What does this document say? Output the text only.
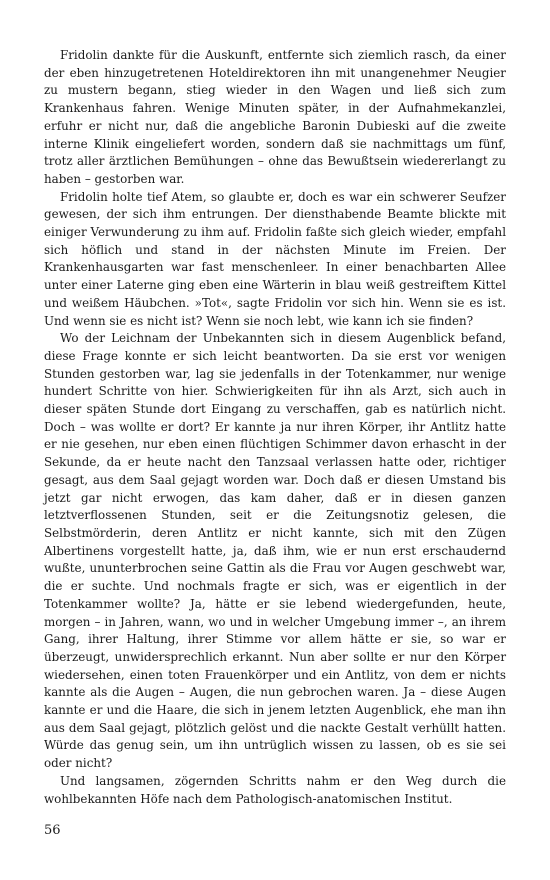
Fridolin dankte für die Auskunft, entfernte sich ziemlich rasch, da einer der eben hinzugetretenen Hoteldirektoren ihn mit unangenehmer Neugier zu mustern begann, stieg wieder in den Wagen und ließ sich zum Krankenhaus fahren. Wenige Minuten später, in der Aufnahmekanzlei, erfuhr er nicht nur, daß die angebliche Baronin Dubieski auf die zweite interne Klinik eingeliefert worden, sondern daß sie nachmittags um fünf, trotz aller ärztlichen Bemühungen – ohne das Bewußtsein wiedererlangt zu haben – gestorben war.

Fridolin holte tief Atem, so glaubte er, doch es war ein schwerer Seufzer gewesen, der sich ihm entrungen. Der diensthabende Beamte blickte mit einiger Verwunderung zu ihm auf. Fridolin faßte sich gleich wieder, empfahl sich höflich und stand in der nächsten Minute im Freien. Der Krankenhausgarten war fast menschenleer. In einer benachbarten Allee unter einer Laterne ging eben eine Wärterin in blau weiß gestreiftem Kittel und weißem Häubchen. »Tot«, sagte Fridolin vor sich hin. Wenn sie es ist. Und wenn sie es nicht ist? Wenn sie noch lebt, wie kann ich sie finden?

Wo der Leichnam der Unbekannten sich in diesem Augenblick befand, diese Frage konnte er sich leicht beantworten. Da sie erst vor wenigen Stunden gestorben war, lag sie jedenfalls in der Totenkammer, nur wenige hundert Schritte von hier. Schwierigkeiten für ihn als Arzt, sich auch in dieser späten Stunde dort Eingang zu verschaffen, gab es natürlich nicht. Doch – was wollte er dort? Er kannte ja nur ihren Körper, ihr Antlitz hatte er nie gesehen, nur eben einen flüchtigen Schimmer davon erhascht in der Sekunde, da er heute nacht den Tanzsaal verlassen hatte oder, richtiger gesagt, aus dem Saal gejagt worden war. Doch daß er diesen Umstand bis jetzt gar nicht erwogen, das kam daher, daß er in diesen ganzen letztverflossenen Stunden, seit er die Zeitungsnotiz gelesen, die Selbstmörderin, deren Antlitz er nicht kannte, sich mit den Zügen Albertinens vorgestellt hatte, ja, daß ihm, wie er nun erst erschaudernd wußte, ununterbrochen seine Gattin als die Frau vor Augen geschwebt war, die er suchte. Und nochmals fragte er sich, was er eigentlich in der Totenkammer wollte? Ja, hätte er sie lebend wiedergefunden, heute, morgen – in Jahren, wann, wo und in welcher Umgebung immer –, an ihrem Gang, ihrer Haltung, ihrer Stimme vor allem hätte er sie, so war er überzeugt, unwidersprechlich erkannt. Nun aber sollte er nur den Körper wiedersehen, einen toten Frauenkörper und ein Antlitz, von dem er nichts kannte als die Augen – Augen, die nun gebrochen waren. Ja – diese Augen kannte er und die Haare, die sich in jenem letzten Augenblick, ehe man ihn aus dem Saal gejagt, plötzlich gelöst und die nackte Gestalt verhüllt hatten. Würde das genug sein, um ihn untrüglich wissen zu lassen, ob es sie sei oder nicht?

Und langsamen, zögernden Schritts nahm er den Weg durch die wohlbekannten Höfe nach dem Pathologisch-anatomischen Institut.

56
